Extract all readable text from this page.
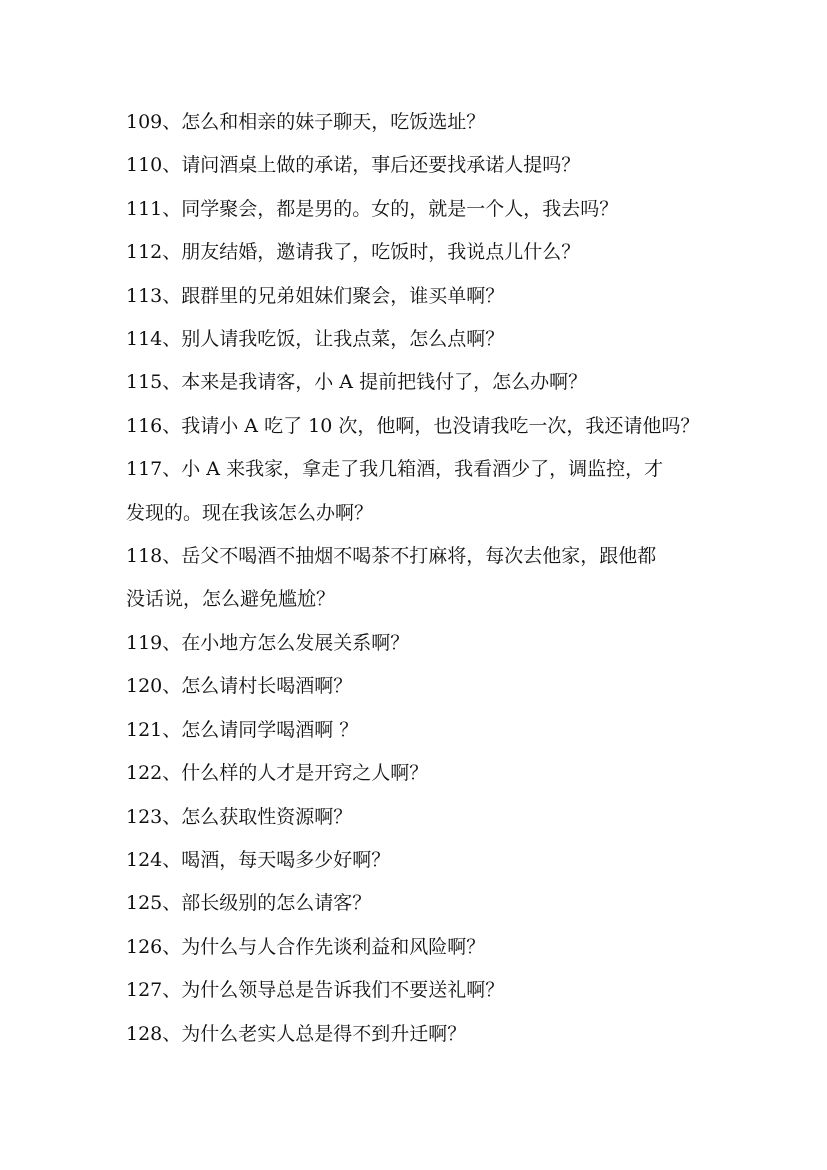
109、怎么和相亲的妹子聊天，吃饭选址？
110、请问酒桌上做的承诺，事后还要找承诺人提吗？
111、同学聚会，都是男的。女的，就是一个人，我去吗？
112、朋友结婚，邀请我了，吃饭时，我说点儿什么？
113、跟群里的兄弟姐妹们聚会，谁买单啊？
114、别人请我吃饭，让我点菜，怎么点啊？
115、本来是我请客，小 A 提前把钱付了，怎么办啊？
116、我请小 A 吃了 10 次，他啊，也没请我吃一次，我还请他吗？
117、小 A 来我家，拿走了我几箱酒，我看酒少了，调监控，才
发现的。现在我该怎么办啊？
118、岳父不喝酒不抽烟不喝茶不打麻将，每次去他家，跟他都
没话说，怎么避免尴尬？
119、在小地方怎么发展关系啊？
120、怎么请村长喝酒啊？
121、怎么请同学喝酒啊 ？
122、什么样的人才是开窍之人啊？
123、怎么获取性资源啊？
124、喝酒，每天喝多少好啊？
125、部长级别的怎么请客？
126、为什么与人合作先谈利益和风险啊？
127、为什么领导总是告诉我们不要送礼啊？
128、为什么老实人总是得不到升迁啊？
